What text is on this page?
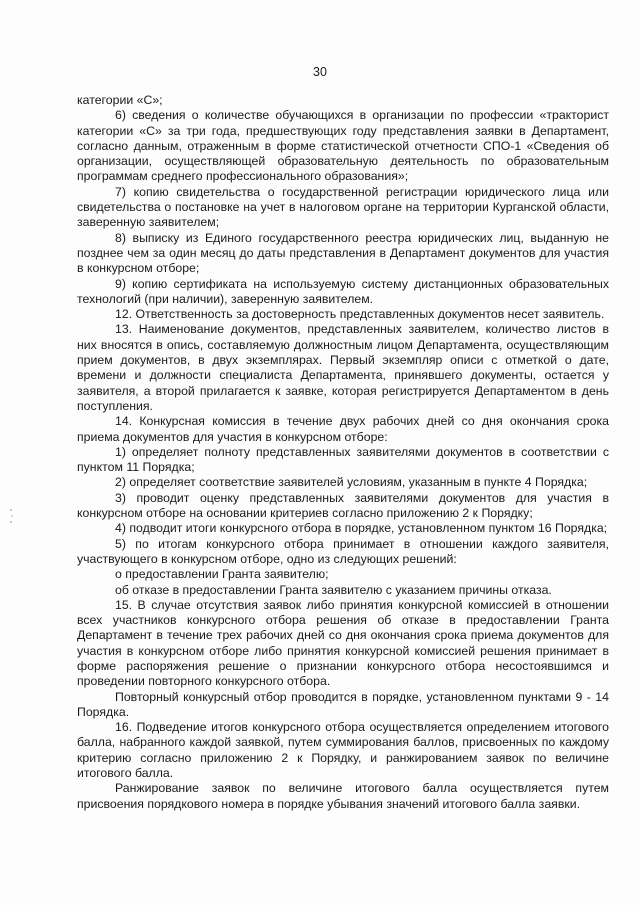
30

категории «С»;

6) сведения о количестве обучающихся в организации по профессии «тракторист категории «С» за три года, предшествующих году представления заявки в Департамент, согласно данным, отраженным в форме статистической отчетности СПО-1 «Сведения об организации, осуществляющей образовательную деятельность по образовательным программам среднего профессионального образования»;

7) копию свидетельства о государственной регистрации юридического лица или свидетельства о постановке на учет в налоговом органе на территории Курганской области, заверенную заявителем;

8) выписку из Единого государственного реестра юридических лиц, выданную не позднее чем за один месяц до даты представления в Департамент документов для участия в конкурсном отборе;

9) копию сертификата на используемую систему дистанционных образовательных технологий (при наличии), заверенную заявителем.

12. Ответственность за достоверность представленных документов несет заявитель.

13. Наименование документов, представленных заявителем, количество листов в них вносятся в опись, составляемую должностным лицом Департамента, осуществляющим прием документов, в двух экземплярах. Первый экземпляр описи с отметкой о дате, времени и должности специалиста Департамента, принявшего документы, остается у заявителя, а второй прилагается к заявке, которая регистрируется Департаментом в день поступления.

14. Конкурсная комиссия в течение двух рабочих дней со дня окончания срока приема документов для участия в конкурсном отборе:

1) определяет полноту представленных заявителями документов в соответствии с пунктом 11 Порядка;

2) определяет соответствие заявителей условиям, указанным в пункте 4 Порядка;

3) проводит оценку представленных заявителями документов для участия в конкурсном отборе на основании критериев согласно приложению 2 к Порядку;

4) подводит итоги конкурсного отбора в порядке, установленном пунктом 16 Порядка;

5) по итогам конкурсного отбора принимает в отношении каждого заявителя, участвующего в конкурсном отборе, одно из следующих решений:

о предоставлении Гранта заявителю;

об отказе в предоставлении Гранта заявителю с указанием причины отказа.

15. В случае отсутствия заявок либо принятия конкурсной комиссией в отношении всех участников конкурсного отбора решения об отказе в предоставлении Гранта Департамент в течение трех рабочих дней со дня окончания срока приема документов для участия в конкурсном отборе либо принятия конкурсной комиссией решения принимает в форме распоряжения решение о признании конкурсного отбора несостоявшимся и проведении повторного конкурсного отбора.

Повторный конкурсный отбор проводится в порядке, установленном пунктами 9 - 14 Порядка.

16. Подведение итогов конкурсного отбора осуществляется определением итогового балла, набранного каждой заявкой, путем суммирования баллов, присвоенных по каждому критерию согласно приложению 2 к Порядку, и ранжированием заявок по величине итогового балла.

Ранжирование заявок по величине итогового балла осуществляется путем присвоения порядкового номера в порядке убывания значений итогового балла заявки.
